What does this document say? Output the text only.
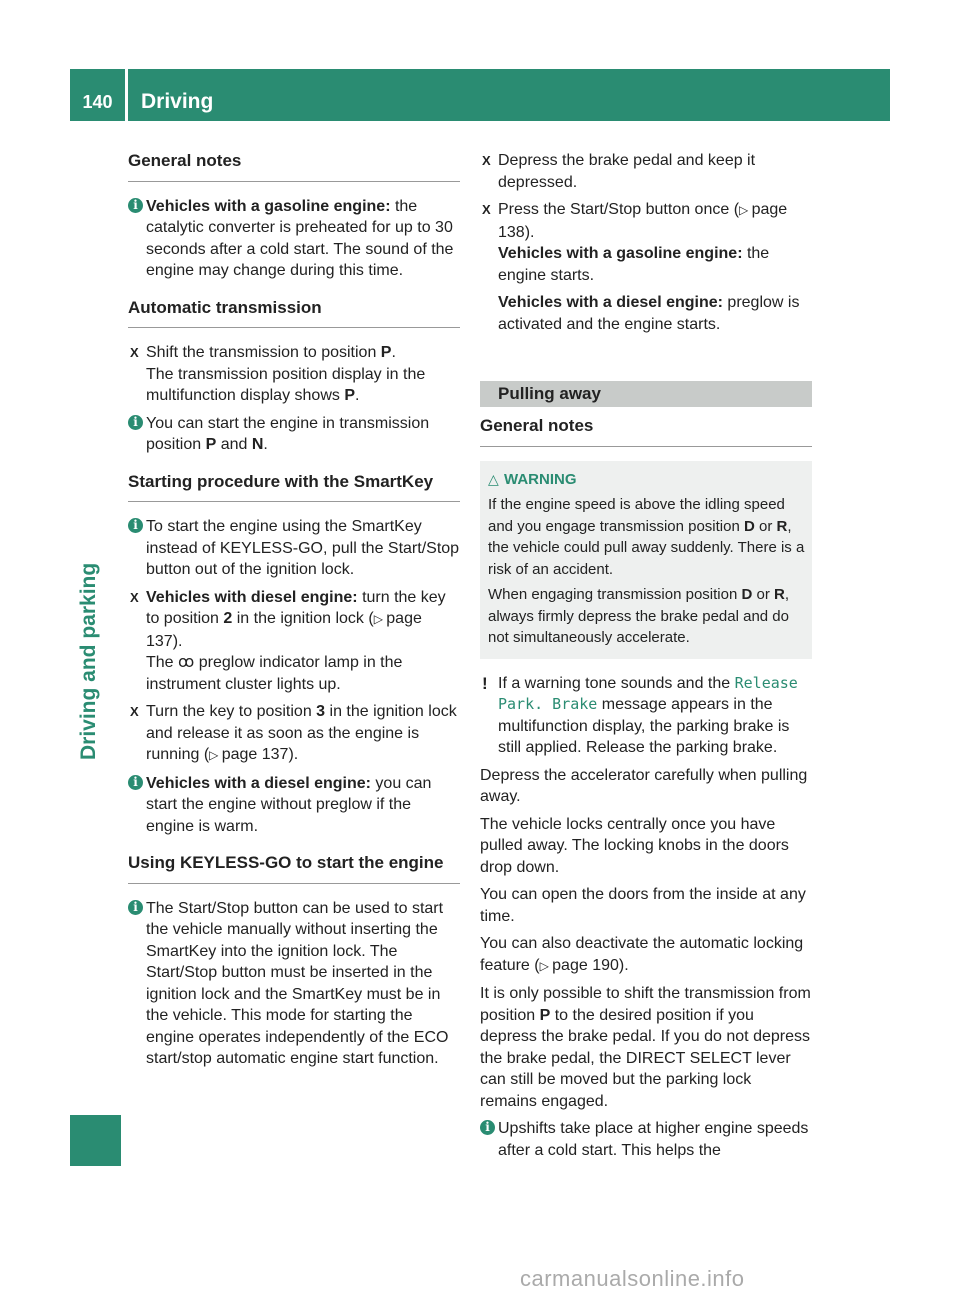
140	Driving
Driving and parking
General notes
i Vehicles with a gasoline engine: the catalytic converter is preheated for up to 30 seconds after a cold start. The sound of the engine may change during this time.
Automatic transmission
X Shift the transmission to position P.
The transmission position display in the multifunction display shows P.
i You can start the engine in transmission position P and N.
Starting procedure with the SmartKey
i To start the engine using the SmartKey instead of KEYLESS-GO, pull the Start/Stop button out of the ignition lock.
X Vehicles with diesel engine: turn the key to position 2 in the ignition lock (▷ page 137).
The ꝏ preglow indicator lamp in the instrument cluster lights up.
X Turn the key to position 3 in the ignition lock and release it as soon as the engine is running (▷ page 137).
i Vehicles with a diesel engine: you can start the engine without preglow if the engine is warm.
Using KEYLESS-GO to start the engine
i The Start/Stop button can be used to start the vehicle manually without inserting the SmartKey into the ignition lock. The Start/Stop button must be inserted in the ignition lock and the SmartKey must be in the vehicle. This mode for starting the engine operates independently of the ECO start/stop automatic engine start function.
X Depress the brake pedal and keep it depressed.
X Press the Start/Stop button once (▷ page 138).
Vehicles with a gasoline engine: the engine starts.
Vehicles with a diesel engine: preglow is activated and the engine starts.
Pulling away
General notes
△ WARNING

If the engine speed is above the idling speed and you engage transmission position D or R, the vehicle could pull away suddenly. There is a risk of an accident.

When engaging transmission position D or R, always firmly depress the brake pedal and do not simultaneously accelerate.

! If a warning tone sounds and the Release Park. Brake message appears in the multifunction display, the parking brake is still applied. Release the parking brake.

Depress the accelerator carefully when pulling away.

The vehicle locks centrally once you have pulled away. The locking knobs in the doors drop down.

You can open the doors from the inside at any time.

You can also deactivate the automatic locking feature (▷ page 190).

It is only possible to shift the transmission from position P to the desired position if you depress the brake pedal. If you do not depress the brake pedal, the DIRECT SELECT lever can still be moved but the parking lock remains engaged.

i Upshifts take place at higher engine speeds after a cold start. This helps the
carmanualsonline.info
